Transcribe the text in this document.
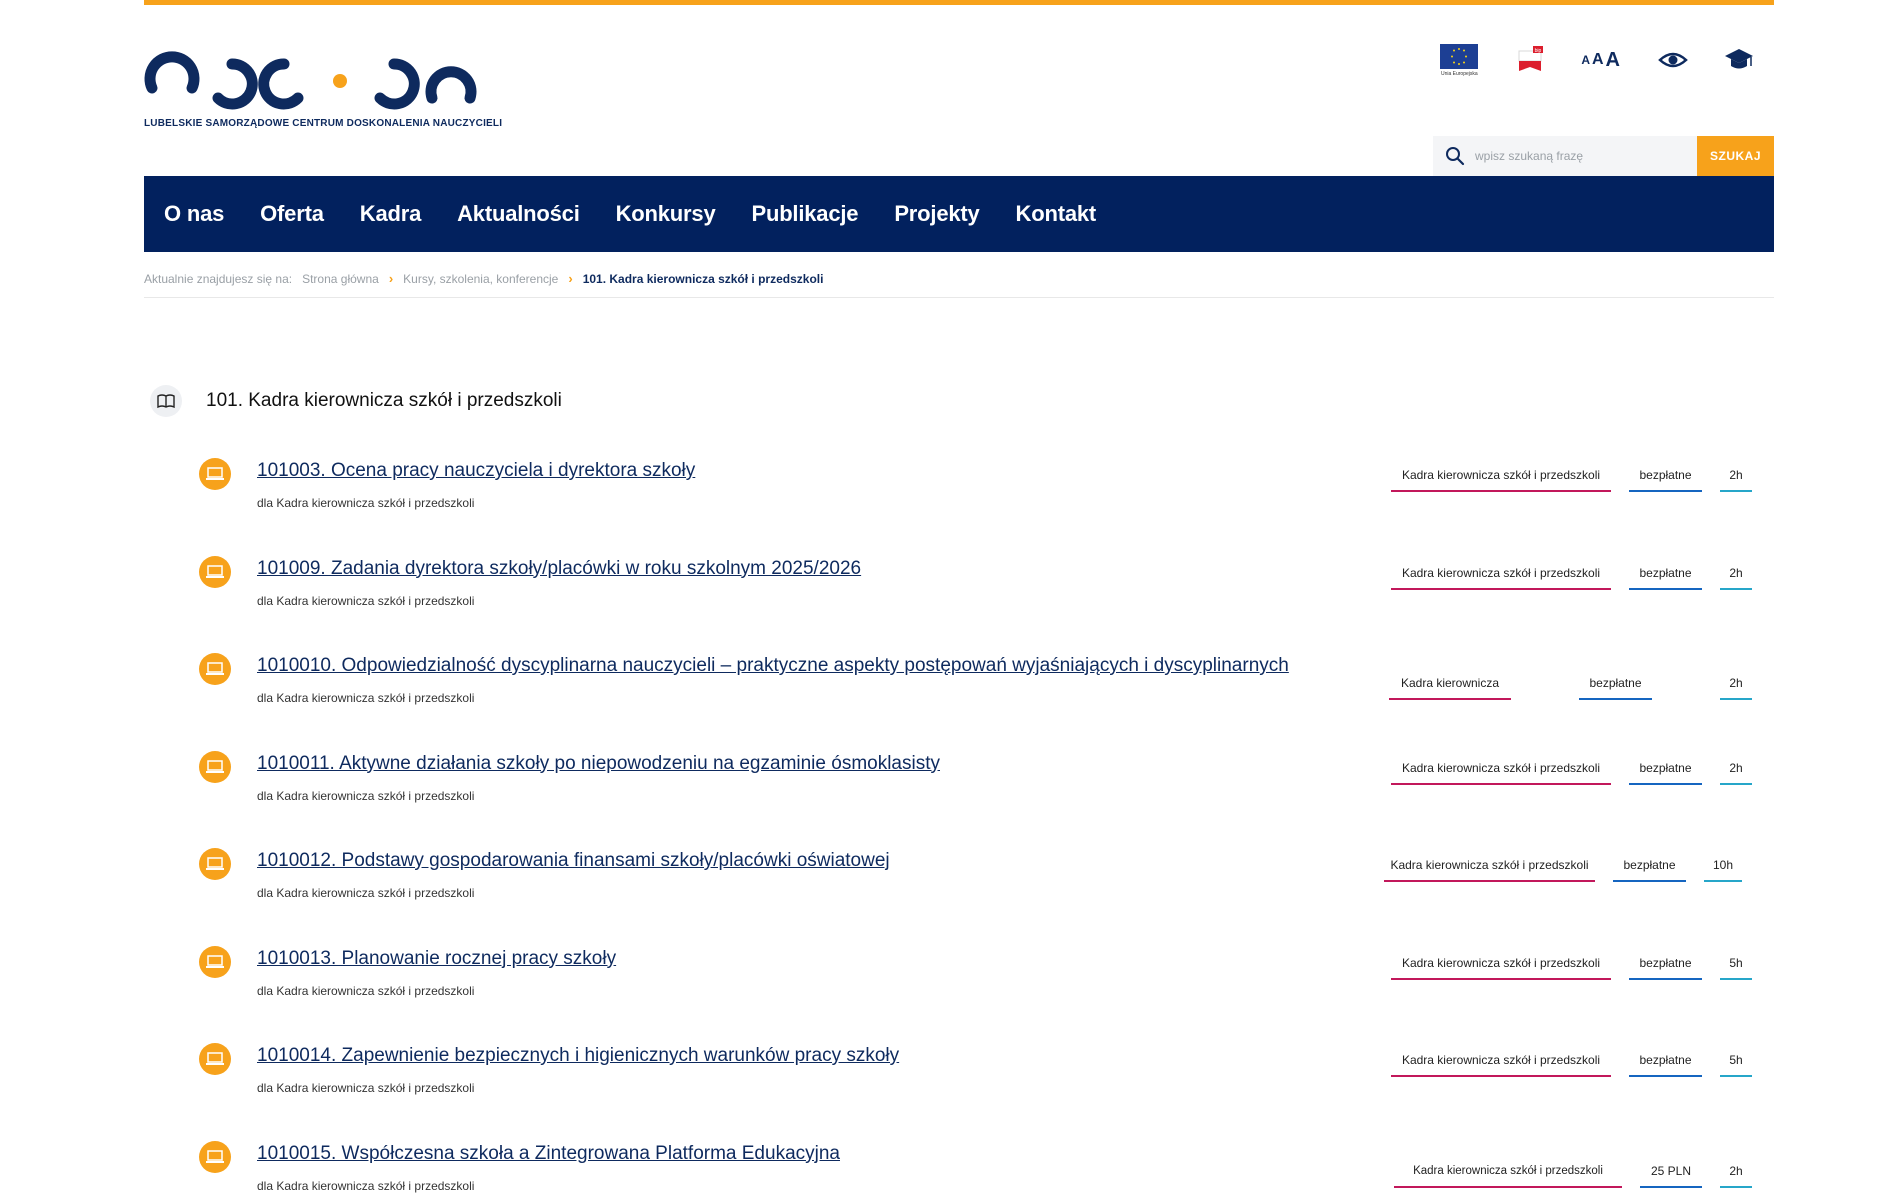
LUBELSKIE SAMORZĄDOWE CENTRUM DOSKONALENIA NAUCZYCIELI
Unia Europejska
bip
A A A
wpisz szukaną frazę
SZUKAJ
O nas Oferta Kadra Aktualności Konkursy Publikacje Projekty Kontakt
Aktualnie znajdujesz się na: Strona główna › Kursy, szkolenia, konferencje › 101. Kadra kierownicza szkół i przedszkoli
101. Kadra kierownicza szkół i przedszkoli
101003. Ocena pracy nauczyciela i dyrektora szkoły
dla Kadra kierownicza szkół i przedszkoli
Kadra kierownicza szkół i przedszkoli	bezpłatne	2h
101009. Zadania dyrektora szkoły/placówki w roku szkolnym 2025/2026
dla Kadra kierownicza szkół i przedszkoli
Kadra kierownicza szkół i przedszkoli	bezpłatne	2h
1010010. Odpowiedzialność dyscyplinarna nauczycieli – praktyczne aspekty postępowań wyjaśniających i dyscyplinarnych
dla Kadra kierownicza szkół i przedszkoli
Kadra kierownicza	bezpłatne	2h
1010011. Aktywne działania szkoły po niepowodzeniu na egzaminie ósmoklasisty
dla Kadra kierownicza szkół i przedszkoli
Kadra kierownicza szkół i przedszkoli	bezpłatne	2h
1010012. Podstawy gospodarowania finansami szkoły/placówki oświatowej
dla Kadra kierownicza szkół i przedszkoli
Kadra kierownicza szkół i przedszkoli	bezpłatne	10h
1010013. Planowanie rocznej pracy szkoły
dla Kadra kierownicza szkół i przedszkoli
Kadra kierownicza szkół i przedszkoli	bezpłatne	5h
1010014. Zapewnienie bezpiecznych i higienicznych warunków pracy szkoły
dla Kadra kierownicza szkół i przedszkoli
Kadra kierownicza szkół i przedszkoli	bezpłatne	5h
1010015. Współczesna szkoła a Zintegrowana Platforma Edukacyjna
dla Kadra kierownicza szkół i przedszkoli
Kadra kierownicza szkół i przedszkoli	25 PLN	2h
